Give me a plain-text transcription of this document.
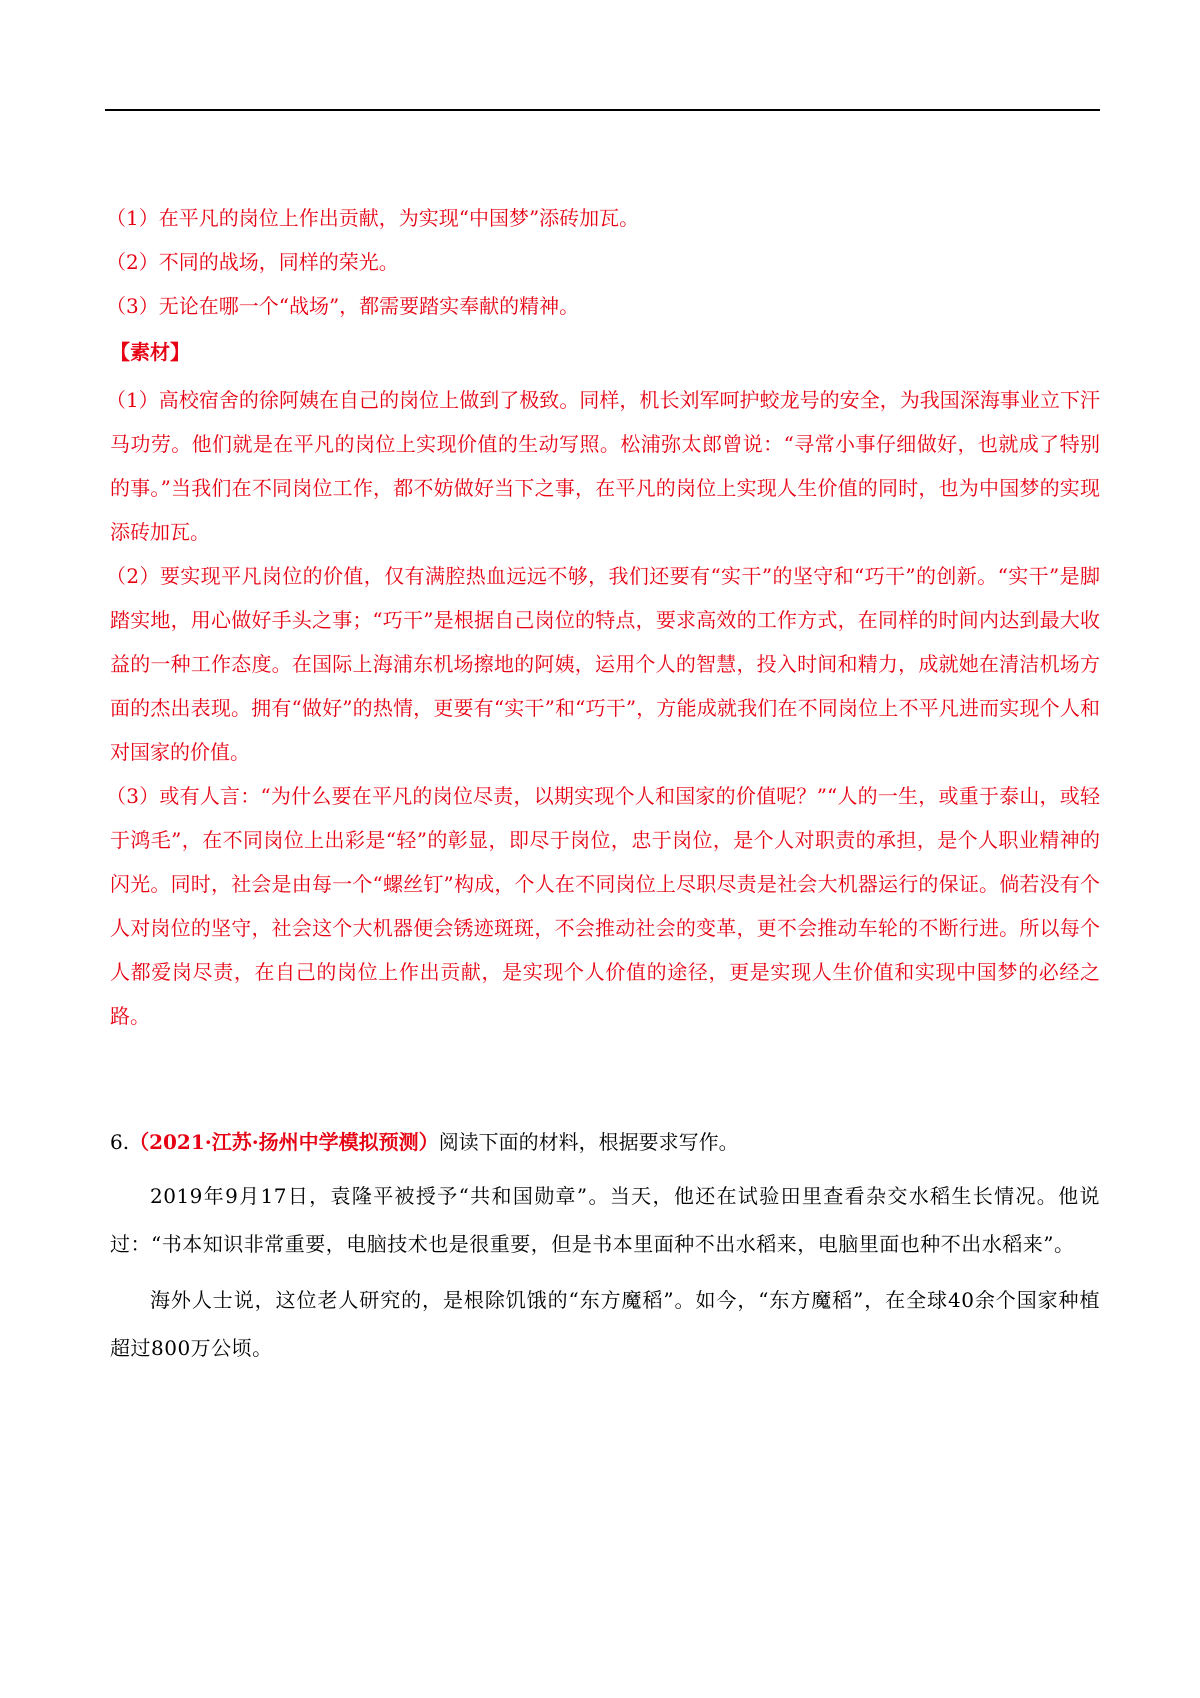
（1）在平凡的岗位上作出贡献，为实现“中国梦”添砖加瓦。

（2）不同的战场，同样的荣光。

（3）无论在哪一个“战场”，都需要踏实奉献的精神。

【素材】

（1）高校宿舍的徐阿姨在自己的岗位上做到了极致。同样，机长刘军呵护蛟龙号的安全，为我国深海事业立下汗马功劳。他们就是在平凡的岗位上实现价值的生动写照。松浦弥太郎曾说：“寻常小事仔细做好，也就成了特别的事。”当我们在不同岗位工作，都不妨做好当下之事，在平凡的岗位上实现人生价值的同时，也为中国梦的实现添砖加瓦。

（2）要实现平凡岗位的价值，仅有满腔热血远远不够，我们还要有“实干”的坚守和“巧干”的创新。“实干”是脚踏实地，用心做好手头之事；“巧干”是根据自己岗位的特点，要求高效的工作方式，在同样的时间内达到最大收益的一种工作态度。在国际上海浦东机场擦地的阿姨，运用个人的智慧，投入时间和精力，成就她在清洁机场方面的杰出表现。拥有“做好”的热情，更要有“实干”和“巧干”，方能成就我们在不同岗位上不平凡进而实现个人和对国家的价值。

（3）或有人言：“为什么要在平凡的岗位尽责，以期实现个人和国家的价值呢？”“人的一生，或重于泰山，或轻于鸿毛”，在不同岗位上出彩是“轻”的彰显，即尽于岗位，忠于岗位，是个人对职责的承担，是个人职业精神的闪光。同时，社会是由每一个“螺丝钉”构成，个人在不同岗位上尽职尽责是社会大机器运行的保证。倘若没有个人对岗位的坚守，社会这个大机器便会锈迹斑斑，不会推动社会的变革，更不会推动车轮的不断行进。所以每个人都爱岗尽责，在自己的岗位上作出贡献，是实现个人价值的途径，更是实现人生价值和实现中国梦的必经之路。

6.（2021·江苏·扬州中学模拟预测）阅读下面的材料，根据要求写作。

2019年9月17日，袁隆平被授予“共和国勋章”。当天，他还在试验田里查看杂交水稻生长情况。他说过：“书本知识非常重要，电脑技术也是很重要，但是书本里面种不出水稻来，电脑里面也种不出水稻来”。

海外人士说，这位老人研究的，是根除饥饿的“东方魔稻”。如今，“东方魔稻”，在全球40余个国家种植超过800万公顷。
